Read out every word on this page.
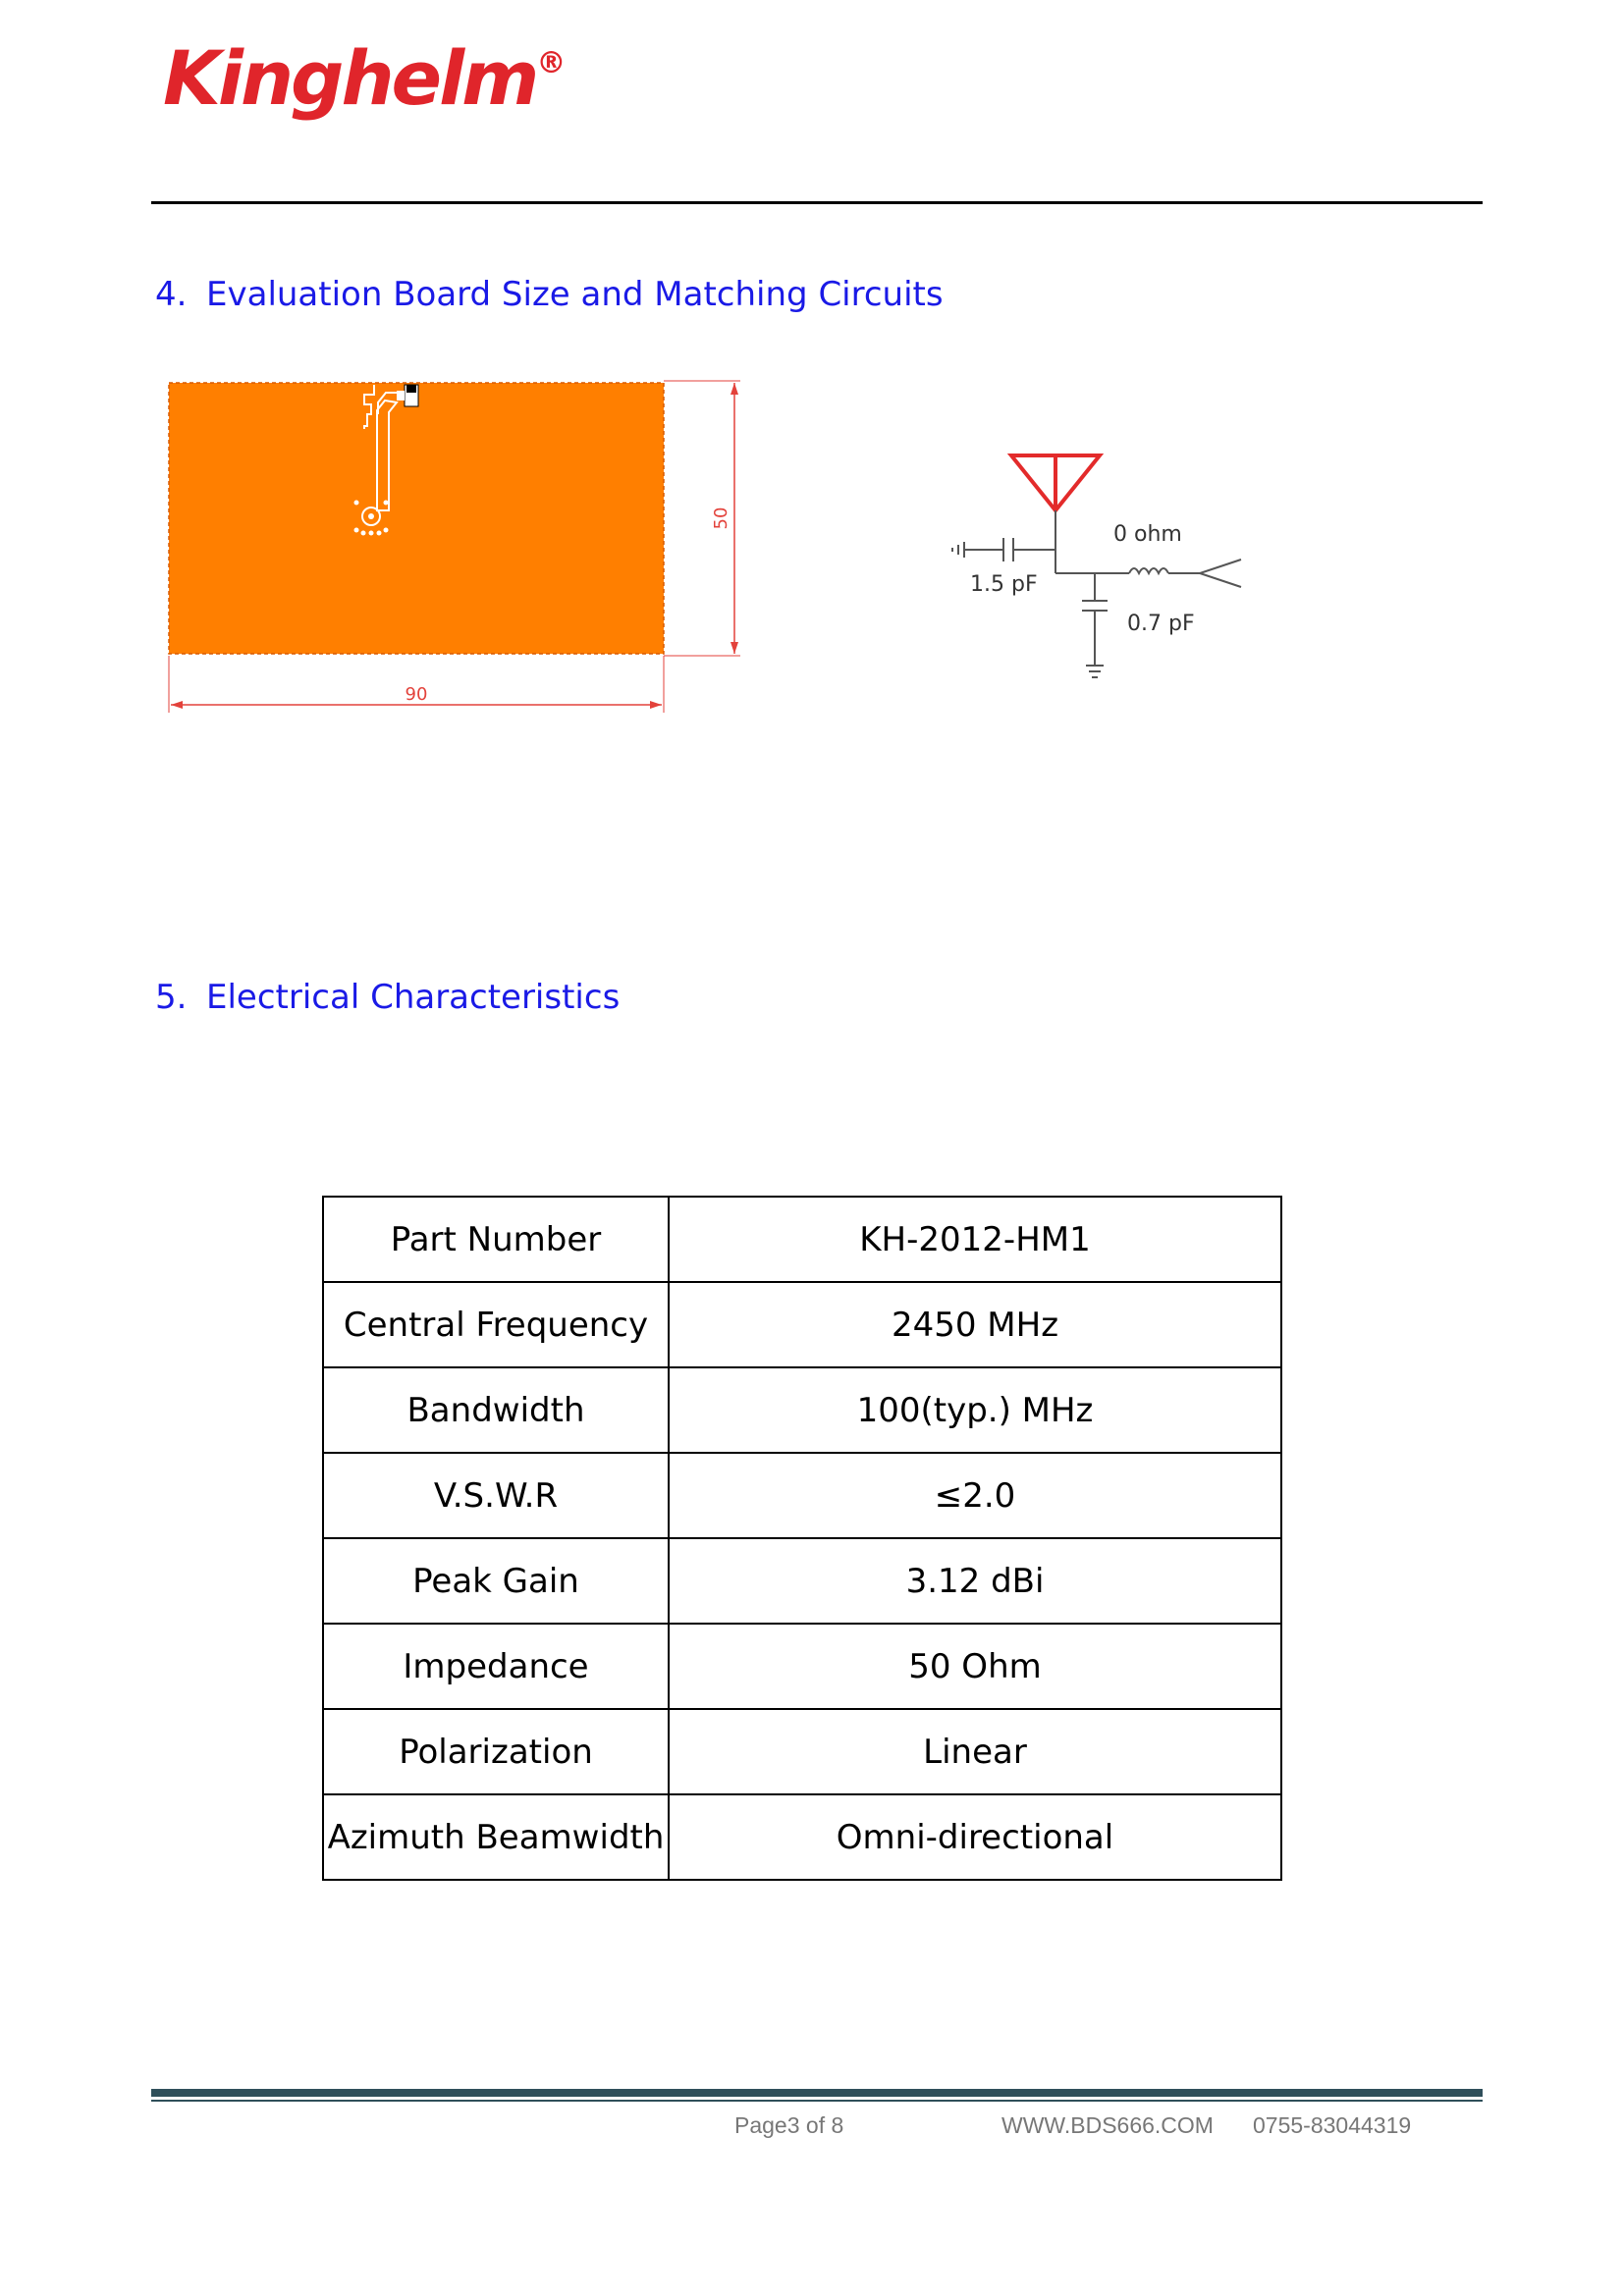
Kinghelm®
4. Evaluation Board Size and Matching Circuits
50
90
1.5 pF
0 ohm
0.7 pF
5. Electrical Characteristics
Part Number	KH-2012-HM1
Central Frequency	2450 MHz
Bandwidth	100(typ.) MHz
V.S.W.R	≤2.0
Peak Gain	3.12 dBi
Impedance	50 Ohm
Polarization	Linear
Azimuth Beamwidth	Omni-directional
Page3 of 8	WWW.BDS666.COM 0755-83044319
